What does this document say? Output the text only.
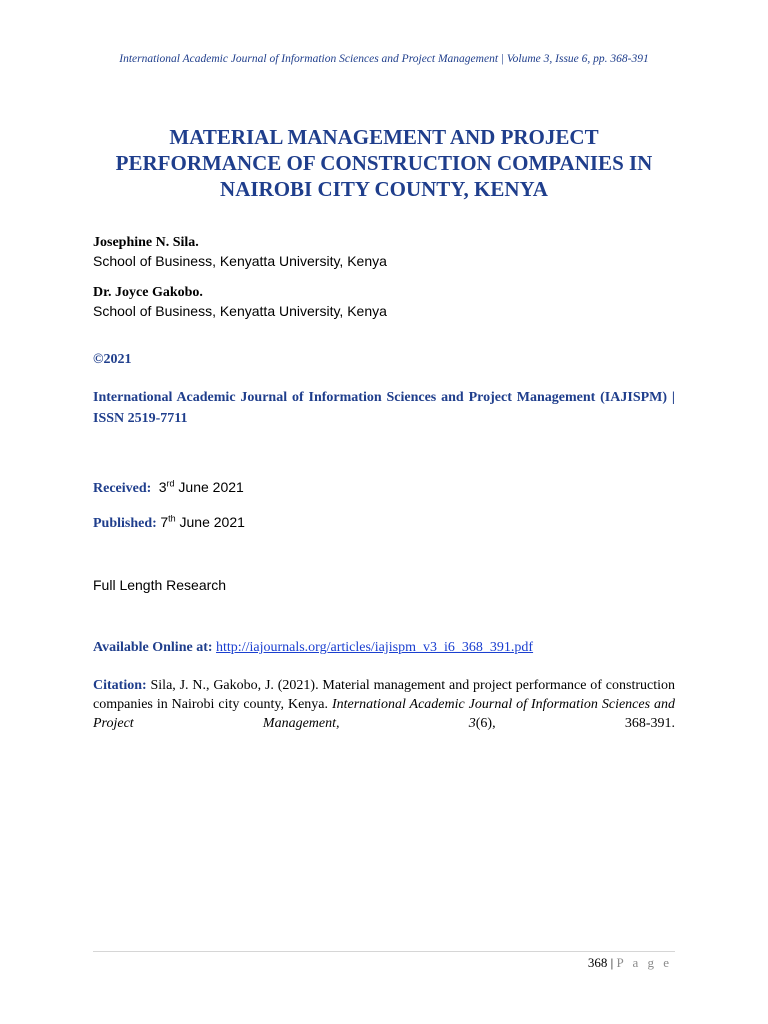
International Academic Journal of Information Sciences and Project Management | Volume 3, Issue 6, pp. 368-391
MATERIAL MANAGEMENT AND PROJECT
PERFORMANCE OF CONSTRUCTION COMPANIES IN
NAIROBI CITY COUNTY, KENYA
Josephine N. Sila.
School of Business, Kenyatta University, Kenya
Dr. Joyce Gakobo.
School of Business, Kenyatta University, Kenya
©2021
International Academic Journal of Information Sciences and Project Management (IAJISPM) | ISSN 2519-7711
Received: 3rd June 2021
Published: 7th June 2021
Full Length Research
Available Online at: http://iajournals.org/articles/iajispm_v3_i6_368_391.pdf
Citation: Sila, J. N., Gakobo, J. (2021). Material management and project performance of construction companies in Nairobi city county, Kenya. International Academic Journal of Information Sciences and Project Management, 3(6), 368-391.
368 | P a g e
